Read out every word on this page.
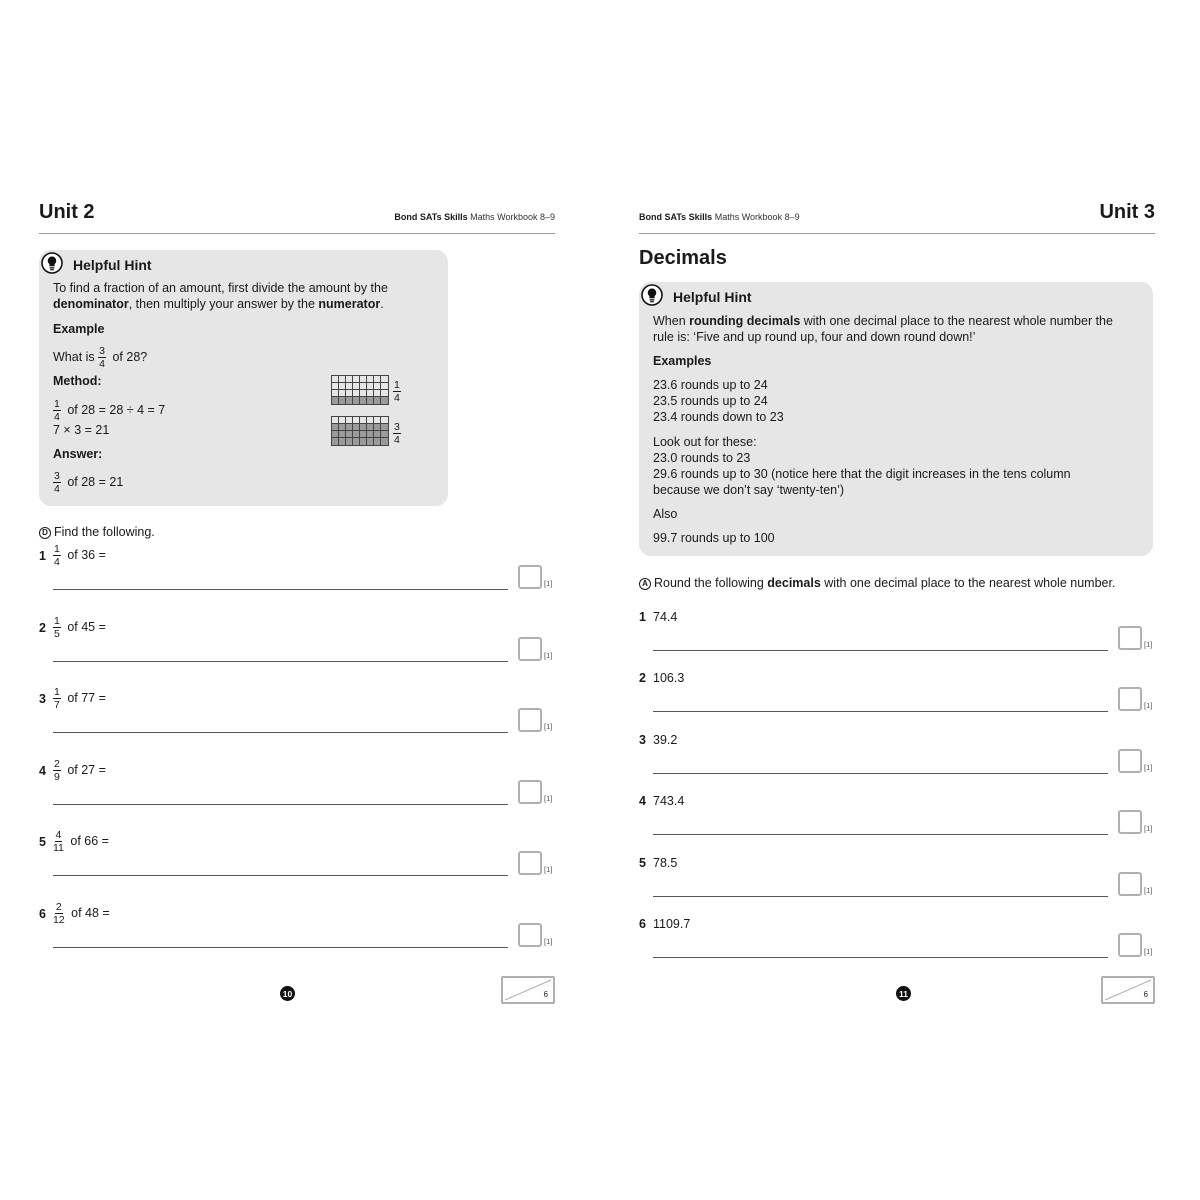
Unit 2	Bond SATs Skills Maths Workbook 8–9
Helpful Hint

To find a fraction of an amount, first divide the amount by the

denominator, then multiply your answer by the numerator.

Example

What is $\frac{3}{4}$ of 28?

Method:

$\frac{1}{4}$ of 28 = 28 ÷ 4 = 7

7 × 3 = 21

Answer:

$\frac{3}{4}$ of 28 = 21

$\frac{1}{4}$
$\frac{3}{4}$
D Find the following.
$1 \frac{1}{4}$ of 36 =
[1]
$2 \frac{1}{5}$ of 45 =
[1]
$3 \frac{1}{7}$ of 77 =
[1]
$4 \frac{2}{9}$ of 27 =
[1]
$5 \frac{4}{11}$ of 66 =
[1]
$6 \frac{2}{12}$ of 48 =
[1]
10	6
Bond SATs Skills Maths Workbook 8–9	Unit 3
Decimals
Helpful Hint

When rounding decimals with one decimal place to the nearest whole number the

rule is: ‘Five and up round up, four and down round down!’

Examples

23.6 rounds up to 24

23.5 rounds up to 24

23.4 rounds down to 23

Look out for these:

23.0 rounds to 23

29.6 rounds up to 30 (notice here that the digit increases in the tens column

because we don’t say ‘twenty-ten’)

Also

99.7 rounds up to 100

A Round the following decimals with one decimal place to the nearest whole number.
1 74.4
[1]
2 106.3
[1]
3 39.2
[1]
4 743.4
[1]
5 78.5
[1]
6 1109.7
[1]
11	6
